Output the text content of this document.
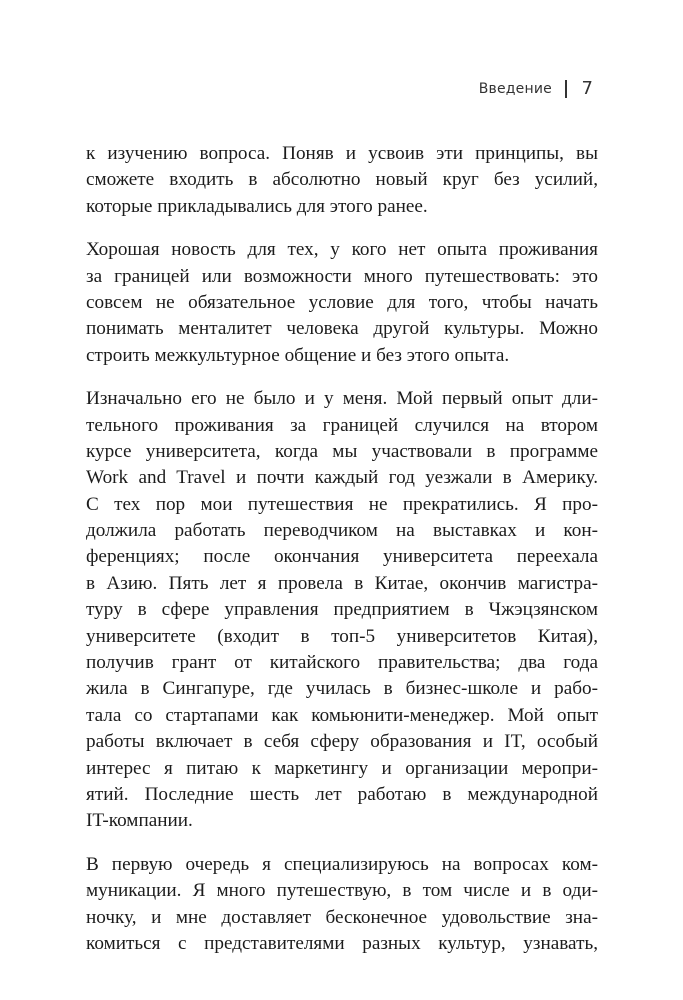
Введение 7
к изучению вопроса. Поняв и усвоив эти принципы, вы
сможете входить в абсолютно новый круг без усилий,
которые прикладывались для этого ранее.
Хорошая новость для тех, у кого нет опыта проживания
за границей или возможности много путешествовать: это
совсем не обязательное условие для того, чтобы начать
понимать менталитет человека другой культуры. Можно
строить межкультурное общение и без этого опыта.
Изначально его не было и у меня. Мой первый опыт дли-
тельного проживания за границей случился на втором
курсе университета, когда мы участвовали в программе
Work and Travel и почти каждый год уезжали в Америку.
С тех пор мои путешествия не прекратились. Я про-
должила работать переводчиком на выставках и кон-
ференциях; после окончания университета переехала
в Азию. Пять лет я провела в Китае, окончив магистра-
туру в сфере управления предприятием в Чжэцзянском
университете (входит в топ-5 университетов Китая),
получив грант от китайского правительства; два года
жила в Сингапуре, где училась в бизнес-школе и рабо-
тала со стартапами как комьюнити-менеджер. Мой опыт
работы включает в себя сферу образования и IT, особый
интерес я питаю к маркетингу и организации меропри-
ятий. Последние шесть лет работаю в международной
IT-компании.
В первую очередь я специализируюсь на вопросах ком-
муникации. Я много путешествую, в том числе и в оди-
ночку, и мне доставляет бесконечное удовольствие зна-
комиться с представителями разных культур, узнавать,
